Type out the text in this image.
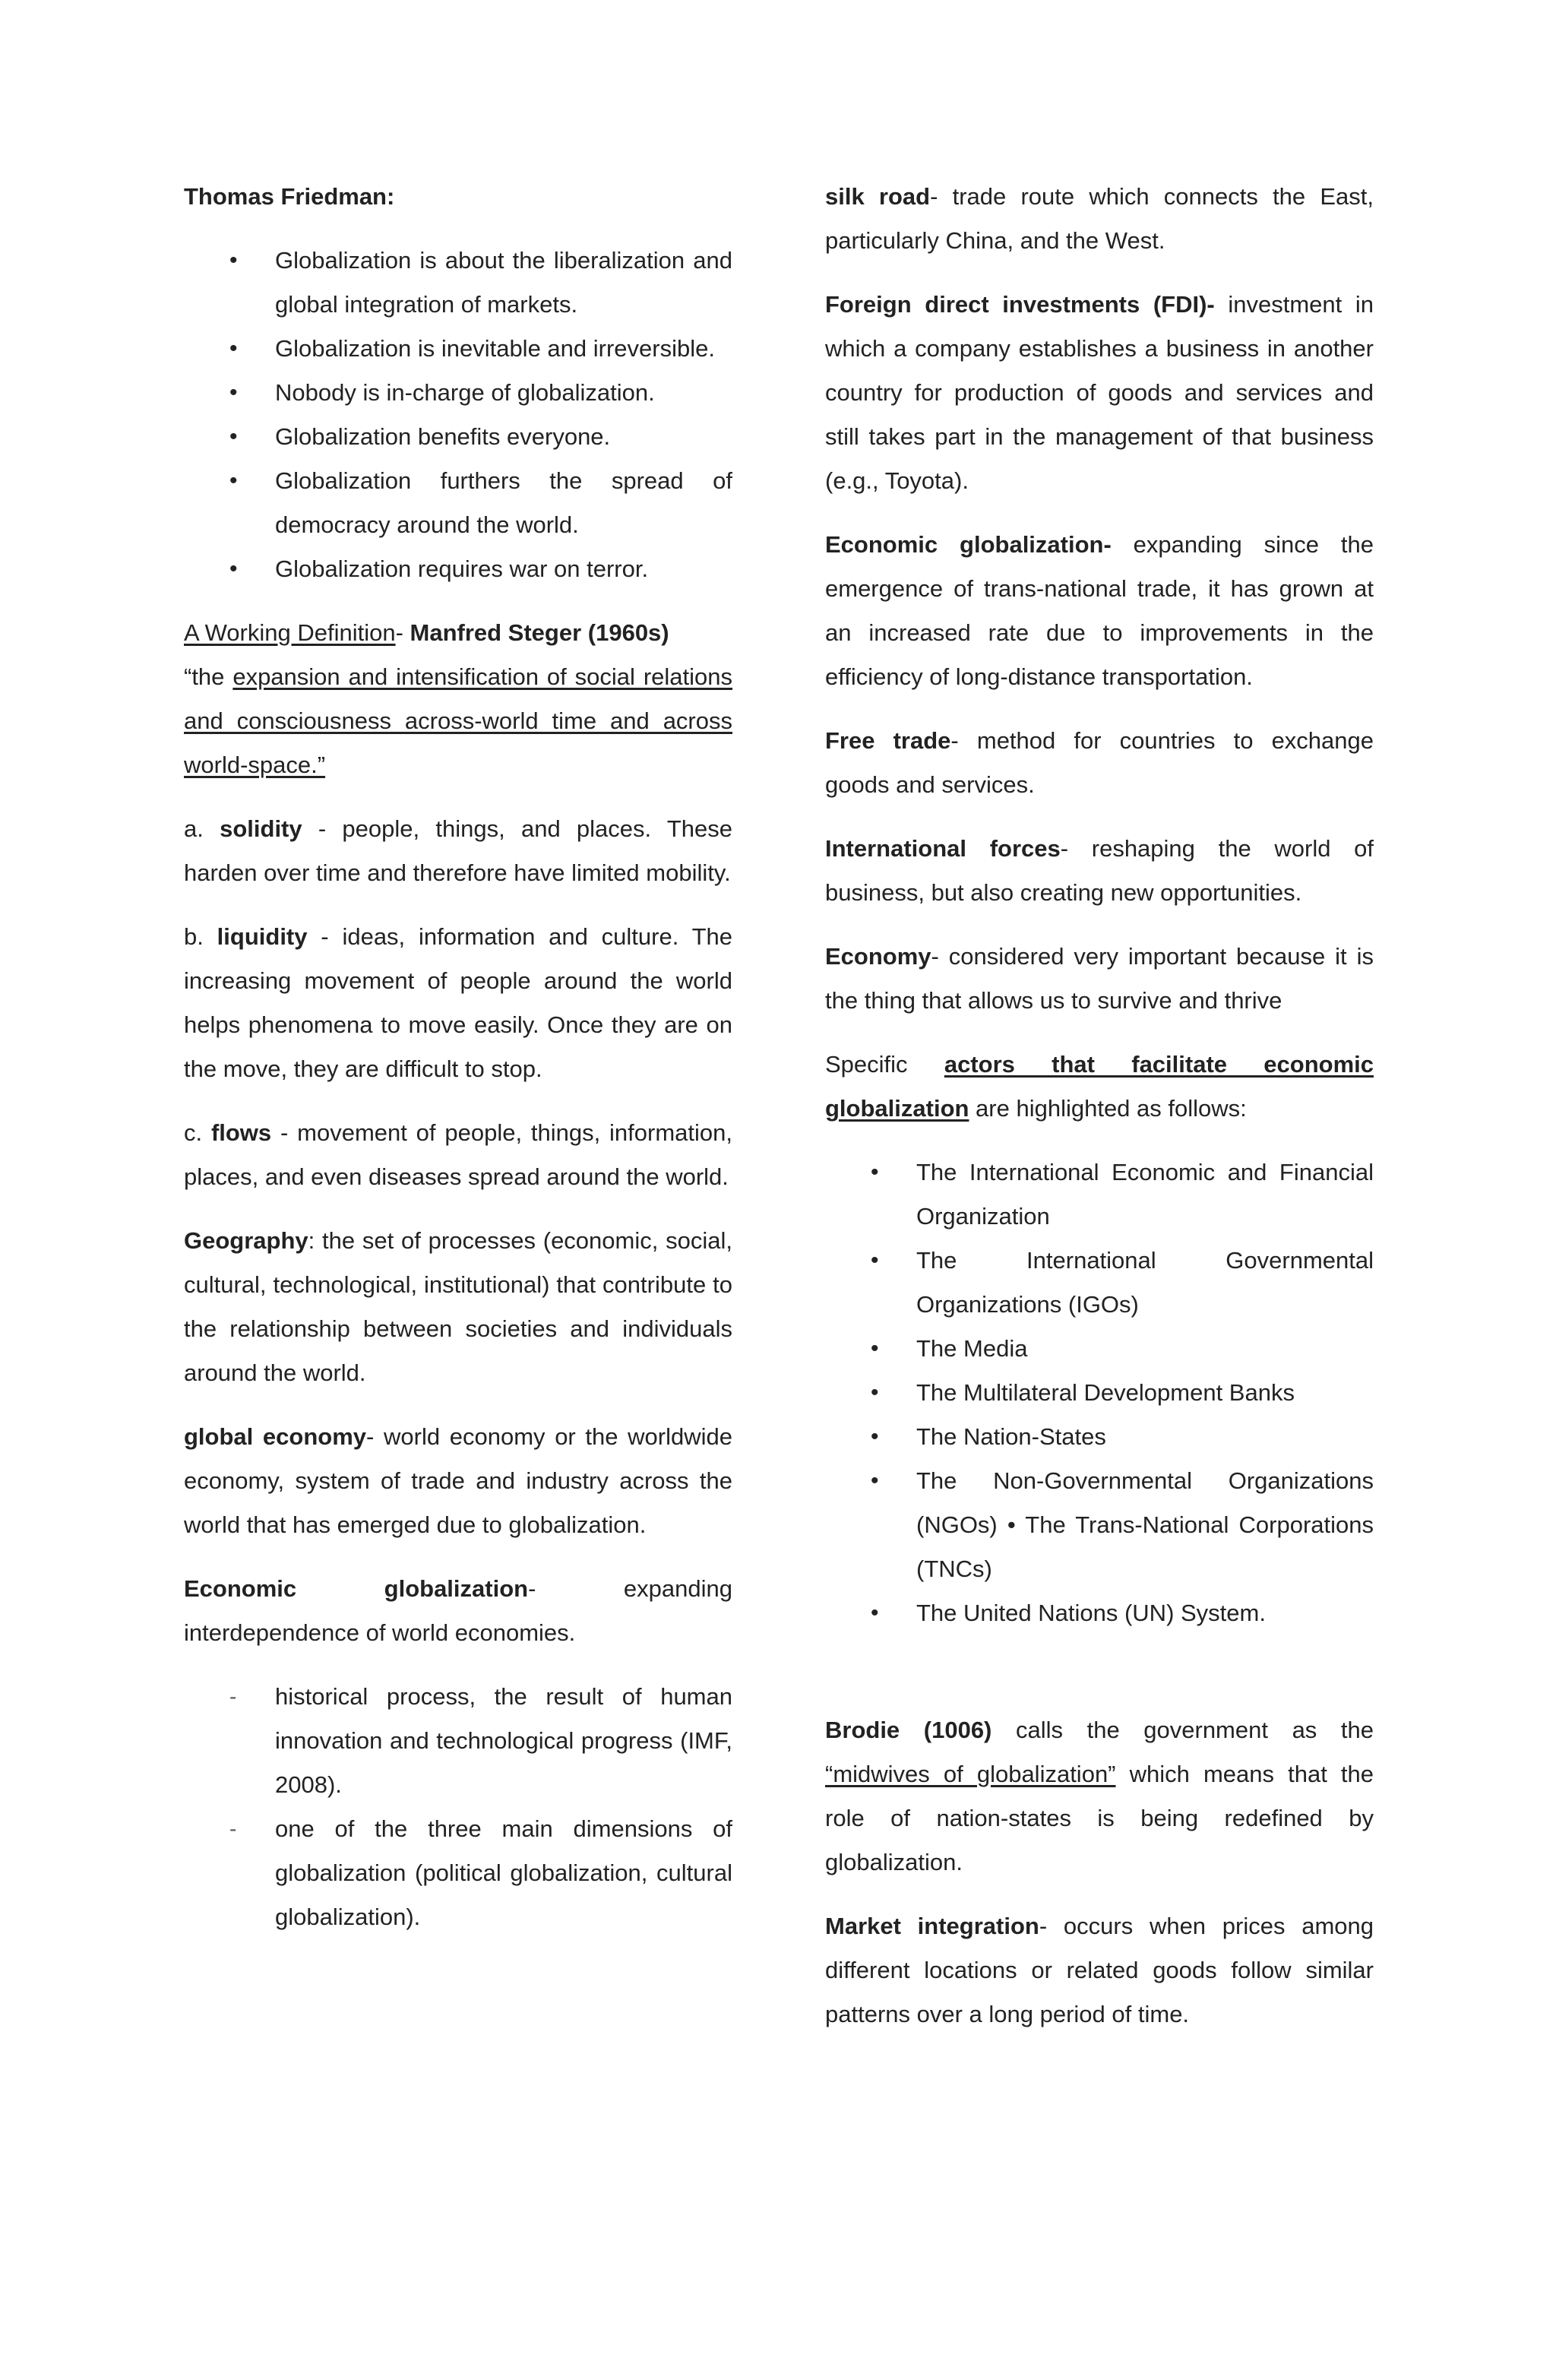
Thomas Friedman:

• Globalization is about the liberalization and global integration of markets.
• Globalization is inevitable and irreversible.
• Nobody is in-charge of globalization.
• Globalization benefits everyone.
• Globalization furthers the spread of democracy around the world.
• Globalization requires war on terror.

A Working Definition- Manfred Steger (1960s)
“the expansion and intensification of social relations and consciousness across-world time and across world-space.”

a. solidity - people, things, and places. These harden over time and therefore have limited mobility.

b. liquidity - ideas, information and culture. The increasing movement of people around the world helps phenomena to move easily. Once they are on the move, they are difficult to stop.

c. flows - movement of people, things, information, places, and even diseases spread around the world.

Geography: the set of processes (economic, social, cultural, technological, institutional) that contribute to the relationship between societies and individuals around the world.

global economy- world economy or the worldwide economy, system of trade and industry across the world that has emerged due to globalization.

Economic globalization- expanding interdependence of world economies.

- historical process, the result of human innovation and technological progress (IMF, 2008).
- one of the three main dimensions of globalization (political globalization, cultural globalization).

silk road- trade route which connects the East, particularly China, and the West.

Foreign direct investments (FDI)- investment in which a company establishes a business in another country for production of goods and services and still takes part in the management of that business (e.g., Toyota).

Economic globalization- expanding since the emergence of trans-national trade, it has grown at an increased rate due to improvements in the efficiency of long-distance transportation.

Free trade- method for countries to exchange goods and services.

International forces- reshaping the world of business, but also creating new opportunities.

Economy- considered very important because it is the thing that allows us to survive and thrive

Specific actors that facilitate economic globalization are highlighted as follows:

• The International Economic and Financial Organization
• The International Governmental Organizations (IGOs)
• The Media
• The Multilateral Development Banks
• The Nation-States
• The Non-Governmental Organizations (NGOs) • The Trans-National Corporations (TNCs)
• The United Nations (UN) System.

Brodie (1006) calls the government as the “midwives of globalization” which means that the role of nation-states is being redefined by globalization.

Market integration- occurs when prices among different locations or related goods follow similar patterns over a long period of time.
